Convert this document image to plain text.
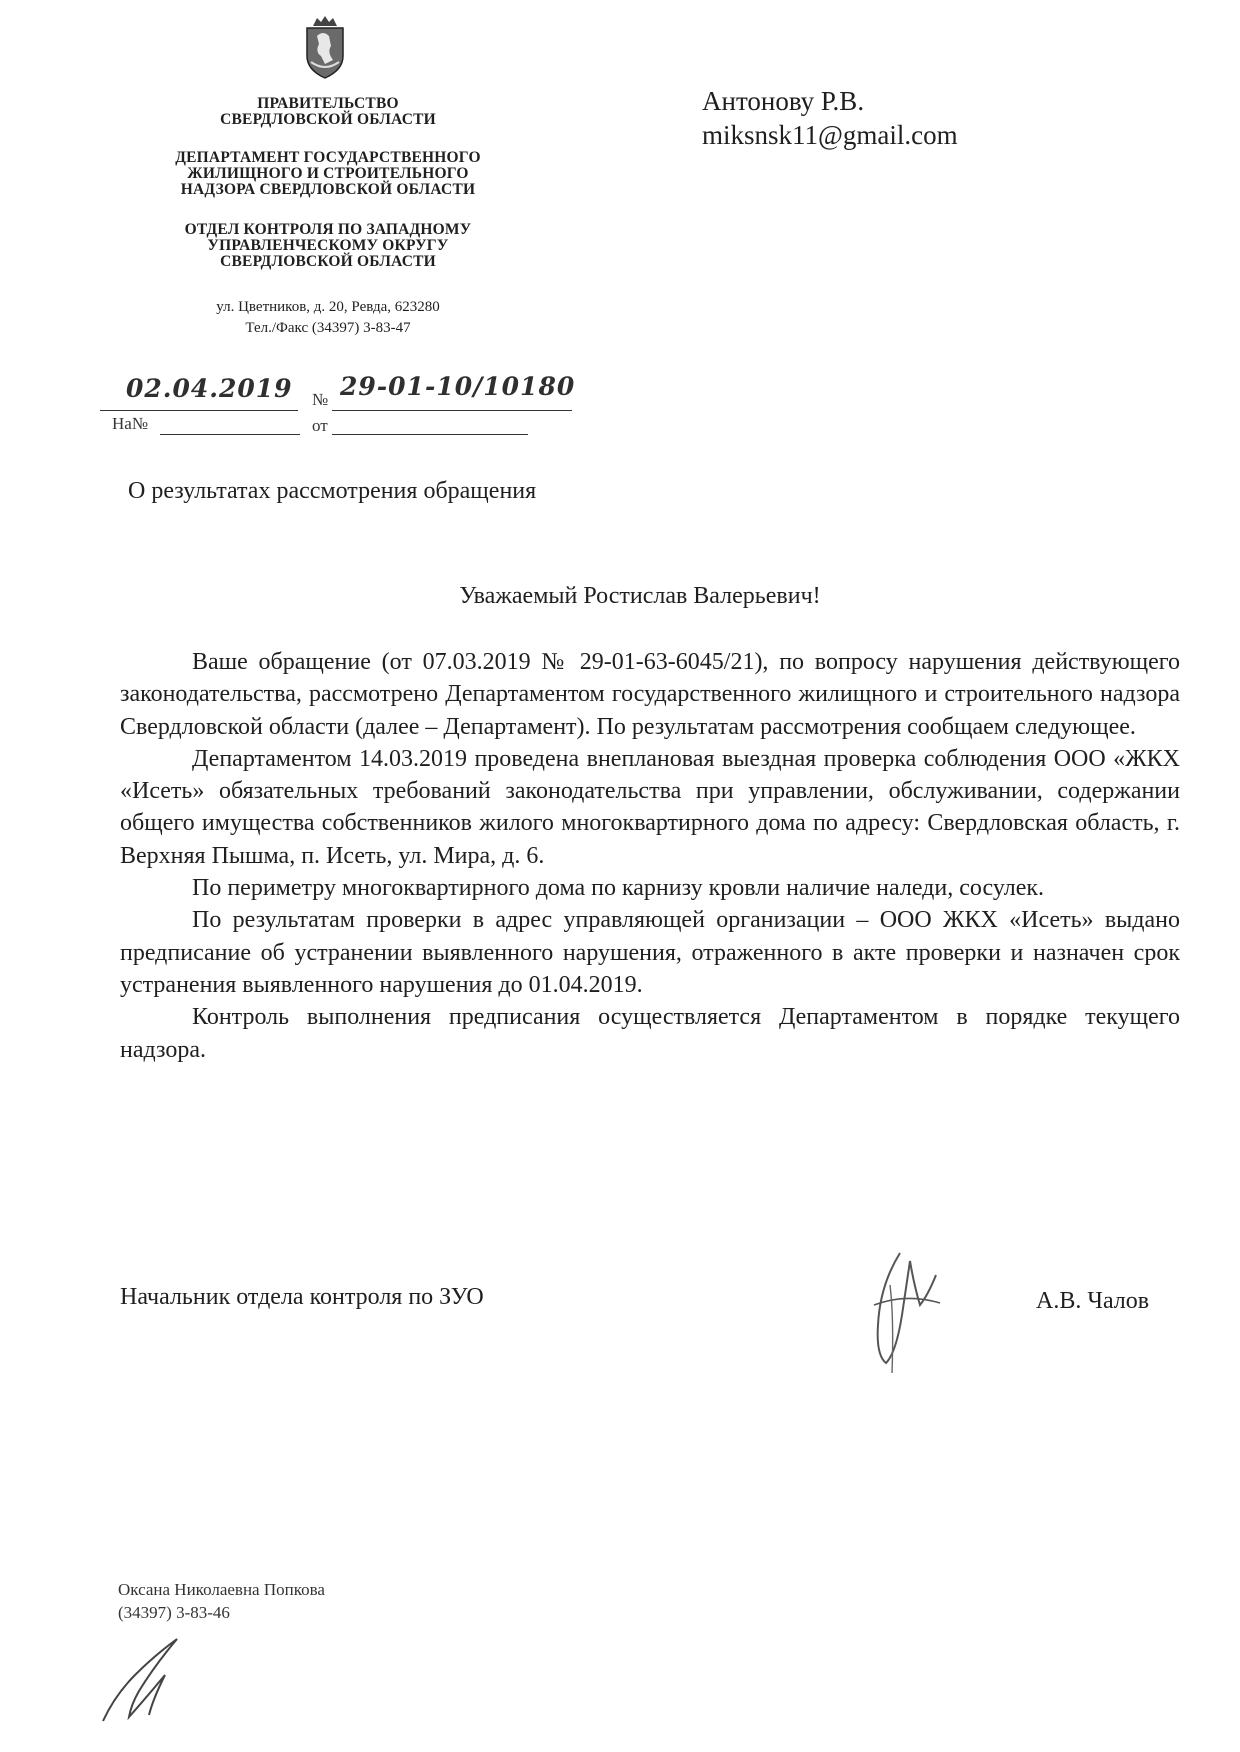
ПРАВИТЕЛЬСТВО
СВЕРДЛОВСКОЙ ОБЛАСТИ
ДЕПАРТАМЕНТ ГОСУДАРСТВЕННОГО
ЖИЛИЩНОГО И СТРОИТЕЛЬНОГО
НАДЗОРА СВЕРДЛОВСКОЙ ОБЛАСТИ
ОТДЕЛ КОНТРОЛЯ ПО ЗАПАДНОМУ
УПРАВЛЕНЧЕСКОМУ ОКРУГУ
СВЕРДЛОВСКОЙ ОБЛАСТИ
ул. Цветников, д. 20, Ревда, 623280
Тел./Факс (34397) 3-83-47
Антонову Р.В.
miksnsk11@gmail.com
02.04.2019 № 29-01-10/10180
На№	от
О результатах рассмотрения обращения
Уважаемый Ростислав Валерьевич!

Ваше обращение (от 07.03.2019 № 29-01-63-6045/21), по вопросу нарушения действующего законодательства, рассмотрено Департаментом государственного жилищного и строительного надзора Свердловской области (далее – Департамент). По результатам рассмотрения сообщаем следующее.

Департаментом 14.03.2019 проведена внеплановая выездная проверка соблюдения ООО «ЖКХ «Исеть» обязательных требований законодательства при управлении, обслуживании, содержании общего имущества собственников жилого многоквартирного дома по адресу: Свердловская область, г. Верхняя Пышма, п. Исеть, ул. Мира, д. 6.

По периметру многоквартирного дома по карнизу кровли наличие наледи, сосулек.

По результатам проверки в адрес управляющей организации – ООО ЖКХ «Исеть» выдано предписание об устранении выявленного нарушения, отраженного в акте проверки и назначен срок устранения выявленного нарушения до 01.04.2019.

Контроль выполнения предписания осуществляется Департаментом в порядке текущего надзора.

Начальник отдела контроля по ЗУО	А.В. Чалов
Оксана Николаевна Попкова
(34397) 3-83-46
